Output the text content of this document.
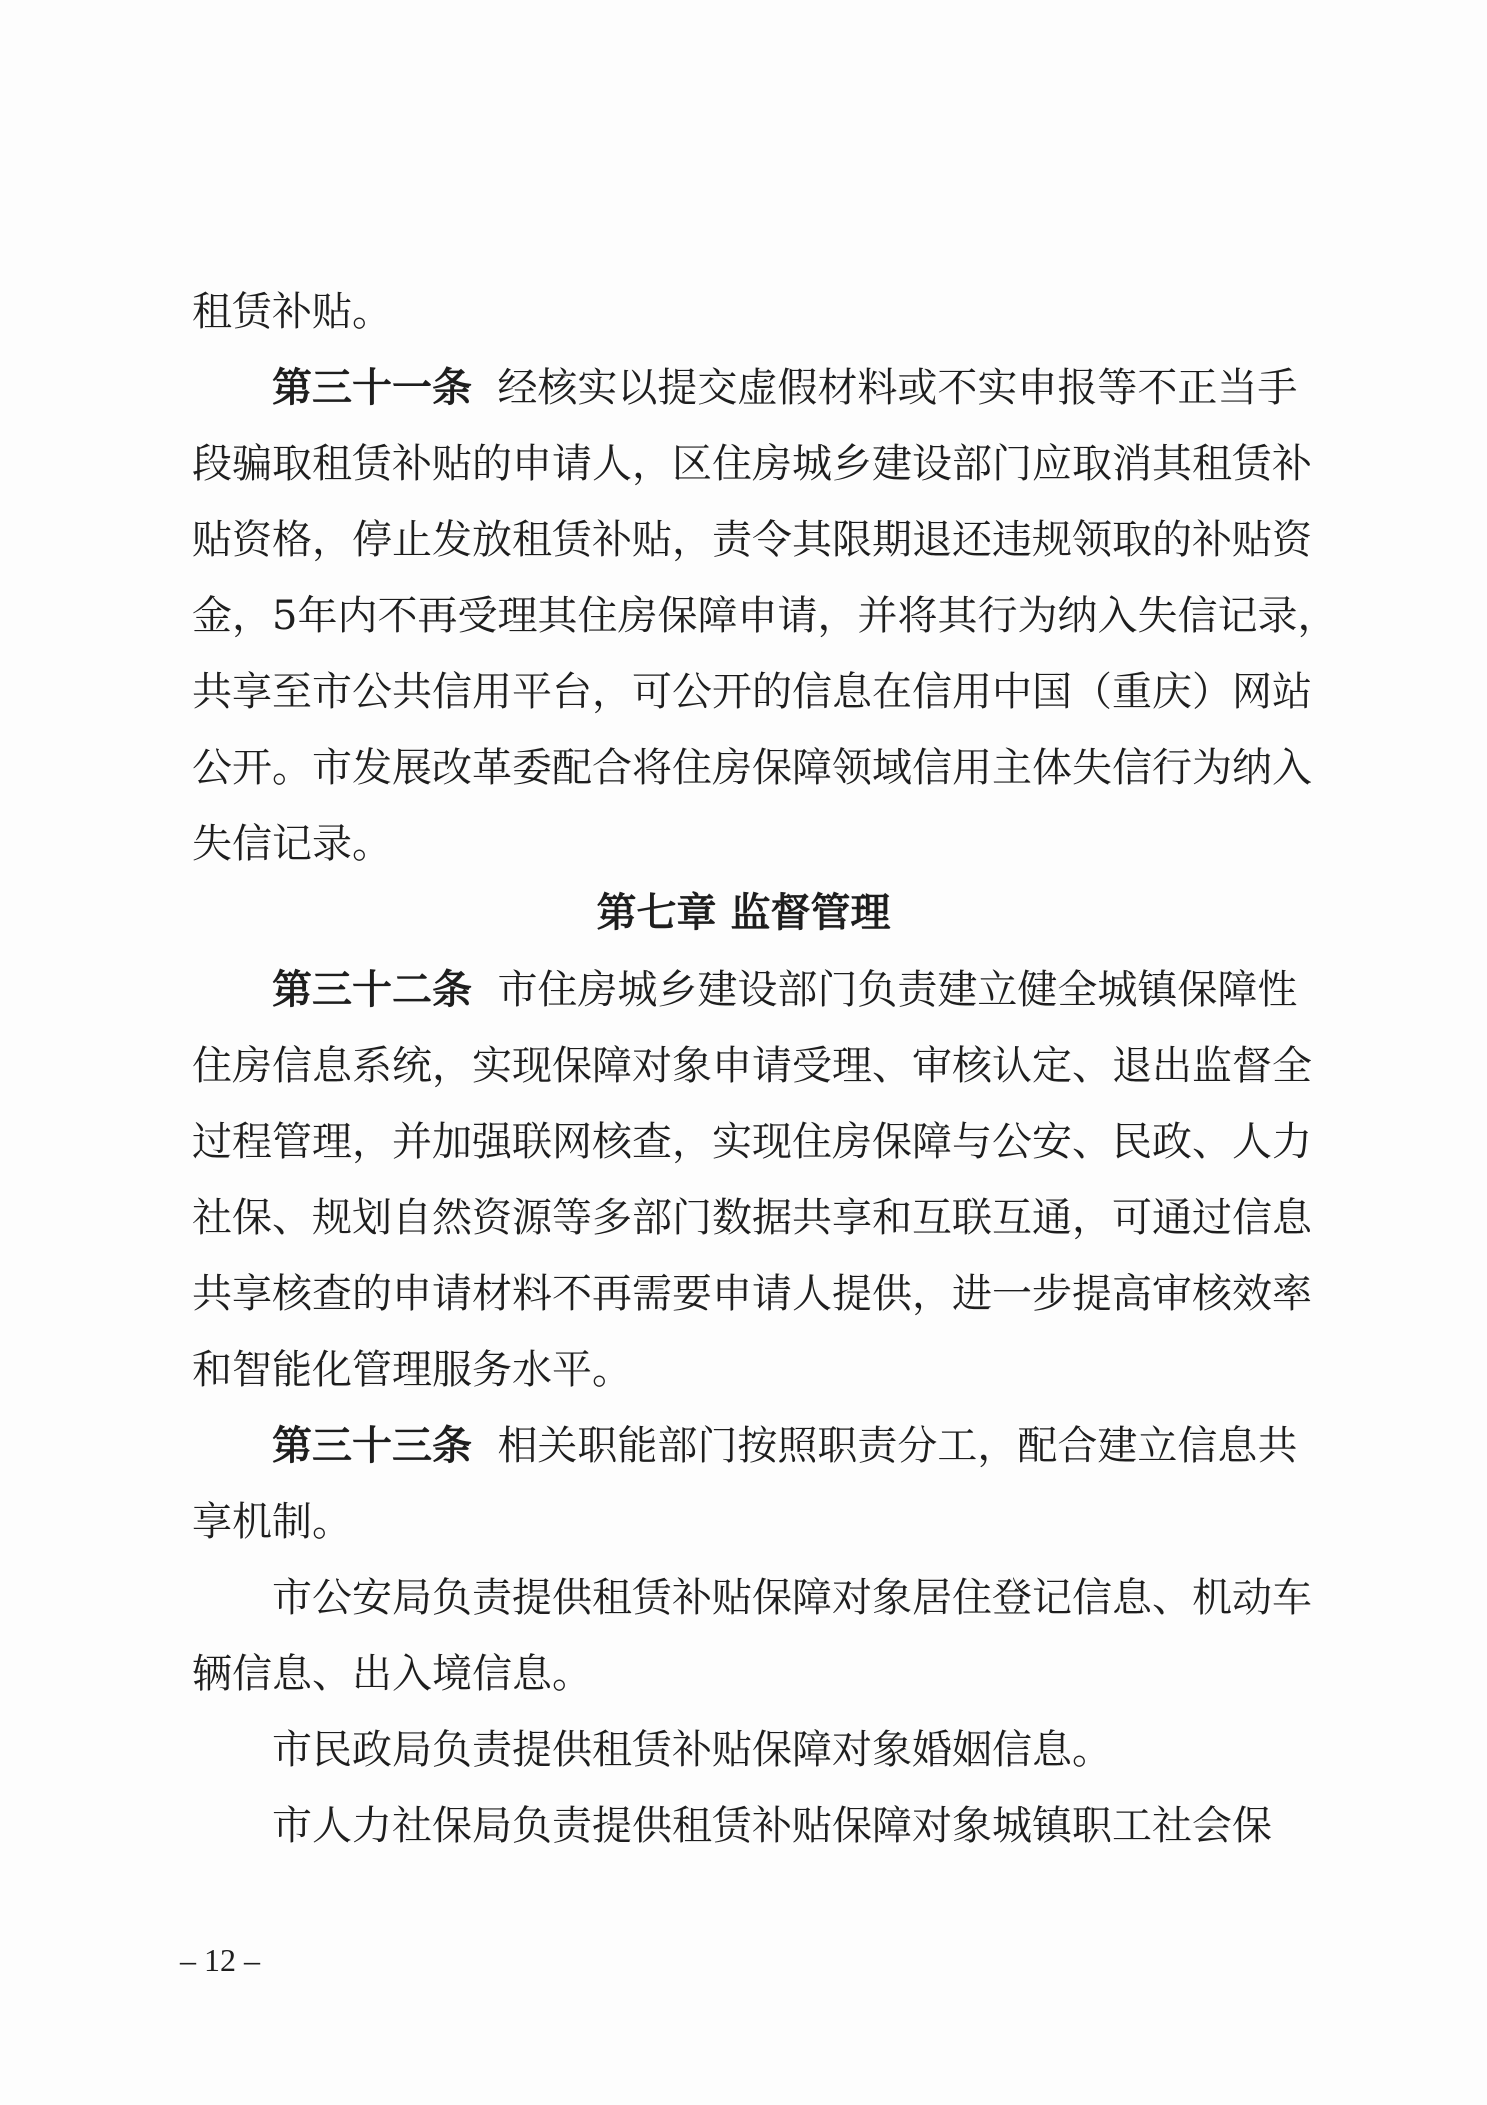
租赁补贴。
第三十一条 经核实以提交虚假材料或不实申报等不正当手
段骗取租赁补贴的申请人，区住房城乡建设部门应取消其租赁补
贴资格，停止发放租赁补贴，责令其限期退还违规领取的补贴资
金，5年内不再受理其住房保障申请，并将其行为纳入失信记录，
共享至市公共信用平台，可公开的信息在信用中国（重庆）网站
公开。市发展改革委配合将住房保障领域信用主体失信行为纳入
失信记录。
第七章 监督管理
第三十二条 市住房城乡建设部门负责建立健全城镇保障性
住房信息系统，实现保障对象申请受理、审核认定、退出监督全
过程管理，并加强联网核查，实现住房保障与公安、民政、人力
社保、规划自然资源等多部门数据共享和互联互通，可通过信息
共享核查的申请材料不再需要申请人提供，进一步提高审核效率
和智能化管理服务水平。
第三十三条 相关职能部门按照职责分工，配合建立信息共
享机制。
市公安局负责提供租赁补贴保障对象居住登记信息、机动车
辆信息、出入境信息。
市民政局负责提供租赁补贴保障对象婚姻信息。
市人力社保局负责提供租赁补贴保障对象城镇职工社会保
– 12 –
